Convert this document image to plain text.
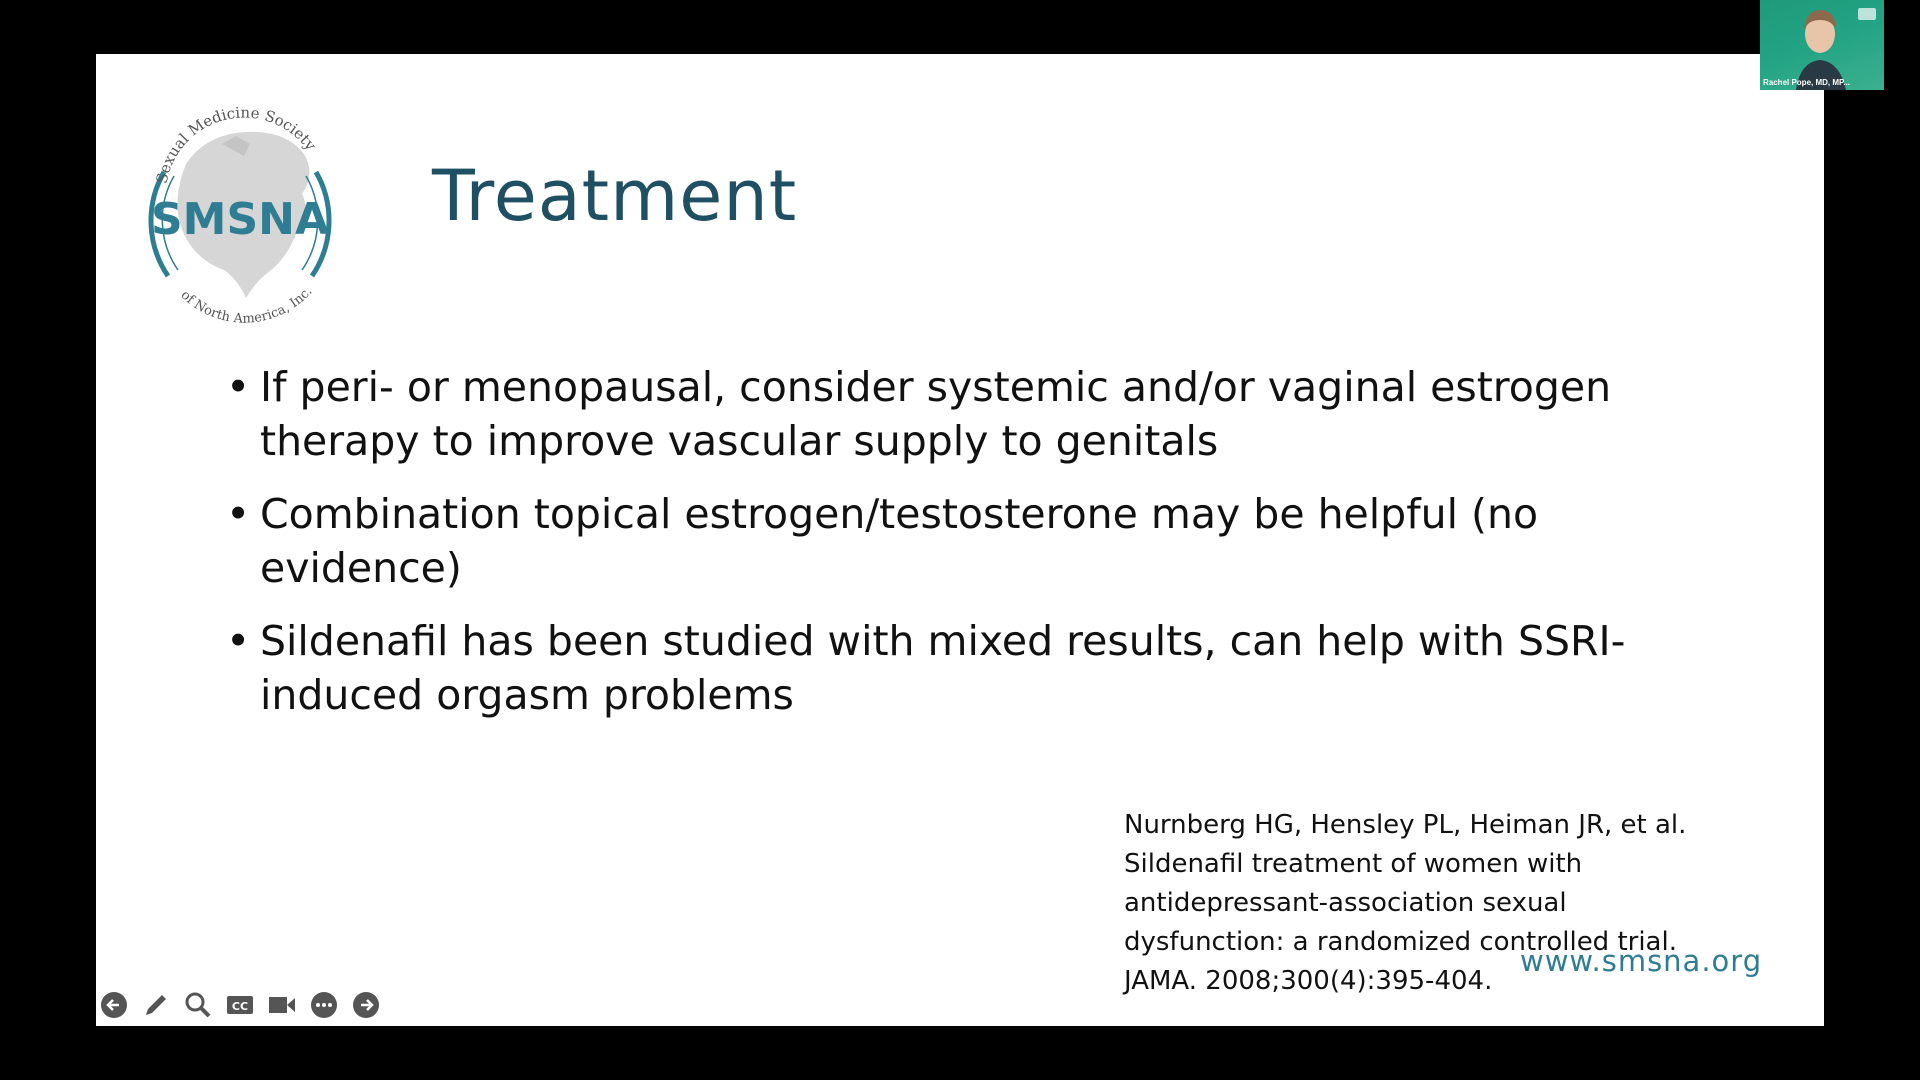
Sexual Medicine Society
SMSNA
of North America, Inc.
Treatment
• If peri- or menopausal, consider systemic and/or vaginal estrogen
therapy to improve vascular supply to genitals
• Combination topical estrogen/testosterone may be helpful (no
evidence)
• Sildenafil has been studied with mixed results, can help with SSRI-
induced orgasm problems
Nurnberg HG, Hensley PL, Heiman JR, et al.
Sildenafil treatment of women with
antidepressant-association sexual
dysfunction: a randomized controlled trial.
JAMA. 2008;300(4):395-404.
www.smsna.org
CC
Rachel Pope, MD, MP...
